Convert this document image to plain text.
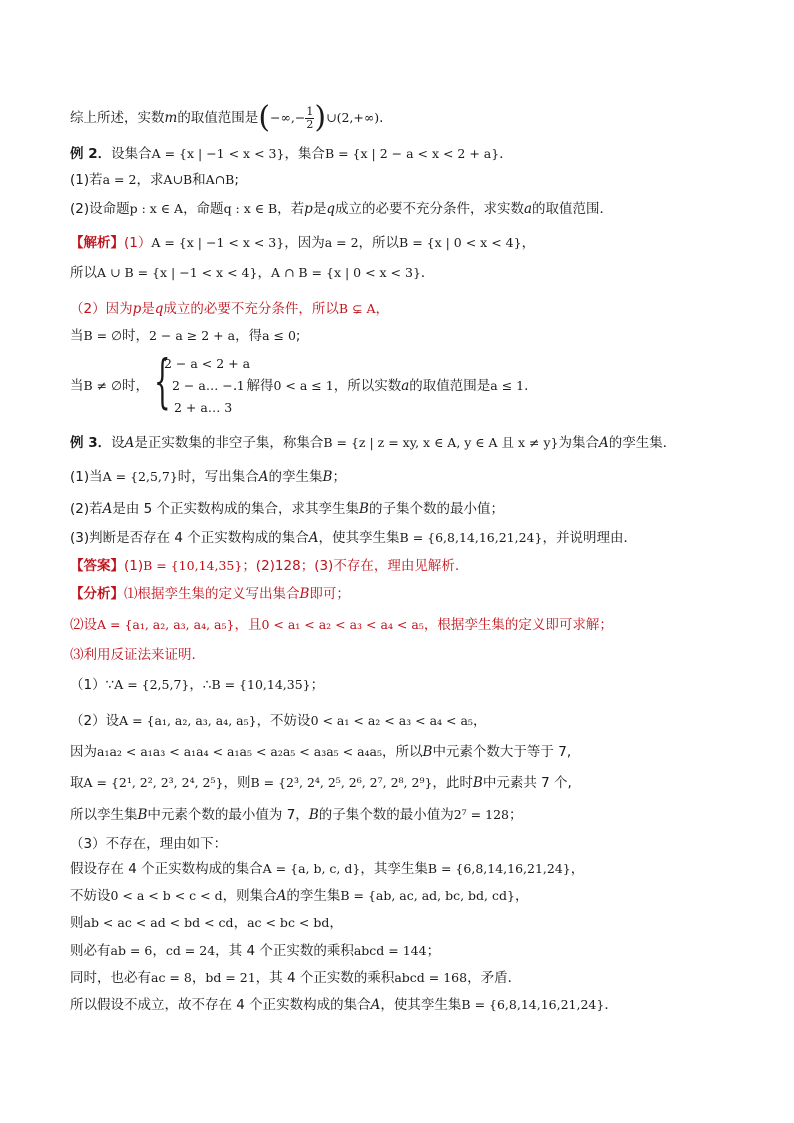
综上所述，实数m的取值范围是(−∞,− $\frac{1}{2}$ )∪(2,+∞).
例 2．设集合A = {x | −1 < x < 3}，集合B = {x | 2 − a < x < 2 + a}．
(1)若a = 2，求A∪B和A∩B;
(2)设命题p : x ∈ A，命题q : x ∈ B，若p是q成立的必要不充分条件，求实数a的取值范围．
【解析】(1）A = {x | −1 < x < 3}，因为a = 2，所以B = {x | 0 < x < 4}，
所以A ∪ B = {x | −1 < x < 4}，A ∩ B = {x | 0 < x < 3}．
（2）因为p是q成立的必要不充分条件，所以B ⊊ A，
当B = ∅时，2 − a ≥ 2 + a，得a ≤ 0;
当B ≠ ∅时，	．解得0 < a ≤ 1，所以实数a的取值范围是a ≤ 1.
{
2 − a < 2 + a
2 − a… − 1
2 + a… 3
例 3．设A是正实数集的非空子集，称集合B = {z | z = xy, x ∈ A, y ∈ A 且 x ≠ y}为集合A的孪生集．
(1)当A = {2,5,7}时，写出集合A的孪生集B；
(2)若A是由 5 个正实数构成的集合，求其孪生集B的子集个数的最小值；
(3)判断是否存在 4 个正实数构成的集合A，使其孪生集B = {6,8,14,16,21,24}，并说明理由．
【答案】(1)B = {10,14,35}；(2)128；(3)不存在，理由见解析.
【分析】⑴根据孪生集的定义写出集合B即可；
⑵设A = {a₁, a₂, a₃, a₄, a₅}，且0 < a₁ < a₂ < a₃ < a₄ < a₅，根据孪生集的定义即可求解；
⑶利用反证法来证明.
（1）∵A = {2,5,7}，∴B = {10,14,35}；
（2）设A = {a₁, a₂, a₃, a₄, a₅}，不妨设0 < a₁ < a₂ < a₃ < a₄ < a₅，
因为a₁a₂ < a₁a₃ < a₁a₄ < a₁a₅ < a₂a₅ < a₃a₅ < a₄a₅，所以B中元素个数大于等于 7,
取A = {2¹, 2², 2³, 2⁴, 2⁵}，则B = {2³, 2⁴, 2⁵, 2⁶, 2⁷, 2⁸, 2⁹}，此时B中元素共 7 个,
所以孪生集B中元素个数的最小值为 7，B的子集个数的最小值为2⁷ = 128；
（3）不存在，理由如下：
假设存在 4 个正实数构成的集合A = {a, b, c, d}，其孪生集B = {6,8,14,16,21,24}，
不妨设0 < a < b < c < d，则集合A的孪生集B = {ab, ac, ad, bc, bd, cd}，
则ab < ac < ad < bd < cd，ac < bc < bd，
则必有ab = 6，cd = 24，其 4 个正实数的乘积abcd = 144；
同时，也必有ac = 8，bd = 21，其 4 个正实数的乘积abcd = 168，矛盾．
所以假设不成立，故不存在 4 个正实数构成的集合A，使其孪生集B = {6,8,14,16,21,24}．
